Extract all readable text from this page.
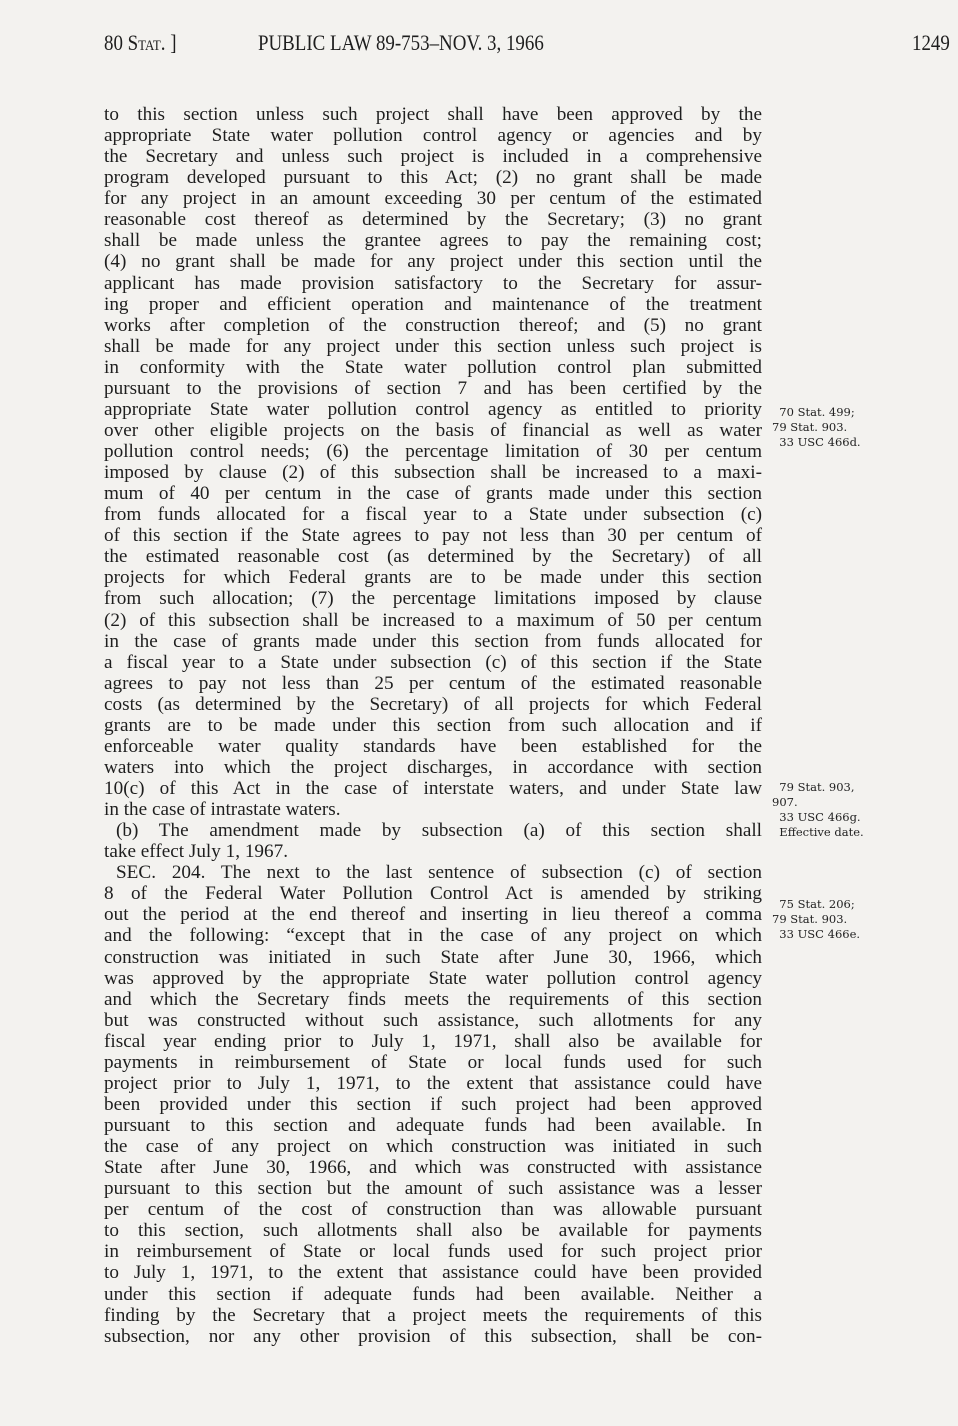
80 Stat. ]	PUBLIC LAW 89-753–NOV. 3, 1966	1249
to this section unless such project shall have been approved by the
appropriate State water pollution control agency or agencies and by
the Secretary and unless such project is included in a comprehensive
program developed pursuant to this Act; (2) no grant shall be made
for any project in an amount exceeding 30 per centum of the estimated
reasonable cost thereof as determined by the Secretary; (3) no grant
shall be made unless the grantee agrees to pay the remaining cost;
(4) no grant shall be made for any project under this section until the
applicant has made provision satisfactory to the Secretary for assur-
ing proper and efficient operation and maintenance of the treatment
works after completion of the construction thereof; and (5) no grant
shall be made for any project under this section unless such project is
in conformity with the State water pollution control plan submitted
pursuant to the provisions of section 7 and has been certified by the
appropriate State water pollution control agency as entitled to priority
over other eligible projects on the basis of financial as well as water
pollution control needs; (6) the percentage limitation of 30 per centum
imposed by clause (2) of this subsection shall be increased to a maxi-
mum of 40 per centum in the case of grants made under this section
from funds allocated for a fiscal year to a State under subsection (c)
of this section if the State agrees to pay not less than 30 per centum of
the estimated reasonable cost (as determined by the Secretary) of all
projects for which Federal grants are to be made under this section
from such allocation; (7) the percentage limitations imposed by clause
(2) of this subsection shall be increased to a maximum of 50 per centum
in the case of grants made under this section from funds allocated for
a fiscal year to a State under subsection (c) of this section if the State
agrees to pay not less than 25 per centum of the estimated reasonable
costs (as determined by the Secretary) of all projects for which Federal
grants are to be made under this section from such allocation and if
enforceable water quality standards have been established for the
waters into which the project discharges, in accordance with section
10(c) of this Act in the case of interstate waters, and under State law
in the case of intrastate waters.
(b) The amendment made by subsection (a) of this section shall
take effect July 1, 1967.
SEC. 204. The next to the last sentence of subsection (c) of section
8 of the Federal Water Pollution Control Act is amended by striking
out the period at the end thereof and inserting in lieu thereof a comma
and the following: “except that in the case of any project on which
construction was initiated in such State after June 30, 1966, which
was approved by the appropriate State water pollution control agency
and which the Secretary finds meets the requirements of this section
but was constructed without such assistance, such allotments for any
fiscal year ending prior to July 1, 1971, shall also be available for
payments in reimbursement of State or local funds used for such
project prior to July 1, 1971, to the extent that assistance could have
been provided under this section if such project had been approved
pursuant to this section and adequate funds had been available. In
the case of any project on which construction was initiated in such
State after June 30, 1966, and which was constructed with assistance
pursuant to this section but the amount of such assistance was a lesser
per centum of the cost of construction than was allowable pursuant
to this section, such allotments shall also be available for payments
in reimbursement of State or local funds used for such project prior
to July 1, 1971, to the extent that assistance could have been provided
under this section if adequate funds had been available. Neither a
finding by the Secretary that a project meets the requirements of this
subsection, nor any other provision of this subsection, shall be con-
70 Stat. 499;
79 Stat. 903.
33 USC 466d.
79 Stat. 903,
907.
33 USC 466g.
Effective date.
75 Stat. 206;
79 Stat. 903.
33 USC 466e.
